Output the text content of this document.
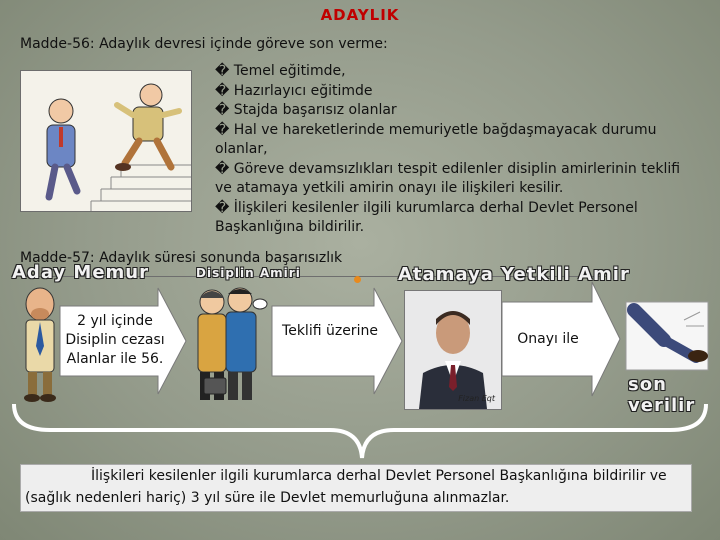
ADAYLIK
Madde-56: Adaylık devresi içinde göreve son verme:
� Temel eğitimde,
� Hazırlayıcı eğitimde
� Stajda başarısız olanlar
� Hal ve hareketlerinde memuriyetle bağdaşmayacak durumu olanlar,
� Göreve devamsızlıkları tespit edilenler disiplin amirlerinin teklifi ve atamaya yetkili amirin onayı ile ilişkileri kesilir.
� İlişkileri kesilenler ilgili kurumlarca derhal Devlet Personel Başkanlığına bildirilir.
Madde-57: Adaylık süresi sonunda başarısızlık
Aday Memur	Disiplin Amiri	Atamaya Yetkili Amir
son verilir
2 yıl içinde Disiplin cezası Alanlar ile 56.
Teklifi üzerine
Fizan Eqt
Onayı ile
İlişkileri kesilenler ilgili kurumlarca derhal Devlet Personel Başkanlığına bildirilir ve (sağlık nedenleri hariç) 3 yıl süre ile Devlet memurluğuna alınmazlar.
